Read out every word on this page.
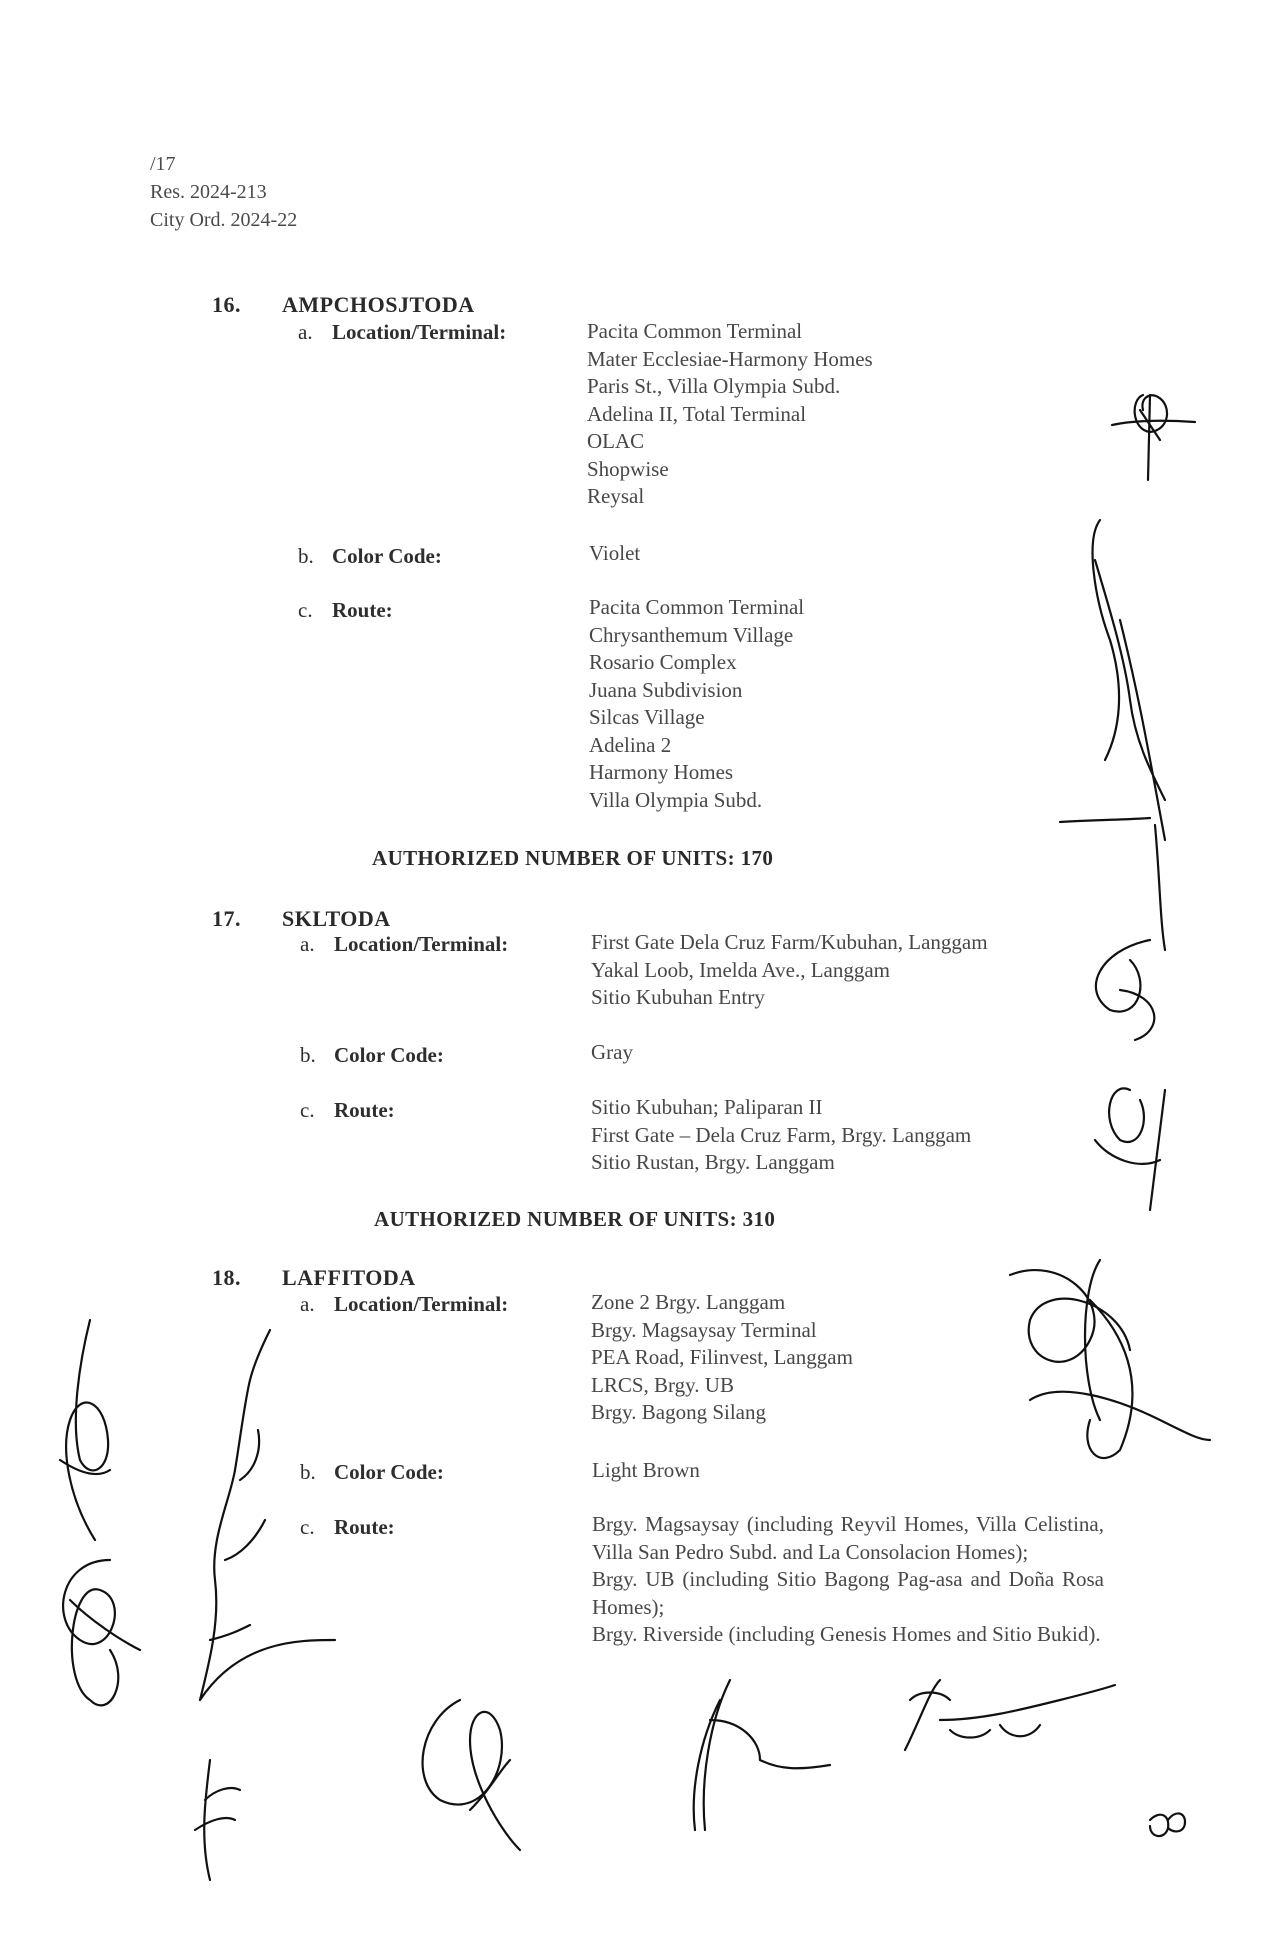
/17
Res. 2024-213
City Ord. 2024-22
16. AMPCHOSJTODA
a. Location/Terminal:	Pacita Common Terminal
Mater Ecclesiae-Harmony Homes
Paris St., Villa Olympia Subd.
Adelina II, Total Terminal
OLAC
Shopwise
Reysal
b. Color Code:	Violet
c. Route:	Pacita Common Terminal
Chrysanthemum Village
Rosario Complex
Juana Subdivision
Silcas Village
Adelina 2
Harmony Homes
Villa Olympia Subd.
AUTHORIZED NUMBER OF UNITS: 170
17. SKLTODA
a. Location/Terminal:	First Gate Dela Cruz Farm/Kubuhan, Langgam
Yakal Loob, Imelda Ave., Langgam
Sitio Kubuhan Entry
b. Color Code:	Gray
c. Route:	Sitio Kubuhan; Paliparan II
First Gate – Dela Cruz Farm, Brgy. Langgam
Sitio Rustan, Brgy. Langgam
AUTHORIZED NUMBER OF UNITS: 310
18. LAFFITODA
a. Location/Terminal:	Zone 2 Brgy. Langgam
Brgy. Magsaysay Terminal
PEA Road, Filinvest, Langgam
LRCS, Brgy. UB
Brgy. Bagong Silang
b. Color Code:	Light Brown
c. Route:	Brgy. Magsaysay (including Reyvil Homes, Villa Celistina, Villa San Pedro Subd. and La Consolacion Homes);
Brgy. UB (including Sitio Bagong Pag-asa and Doña Rosa Homes);
Brgy. Riverside (including Genesis Homes and Sitio Bukid).
